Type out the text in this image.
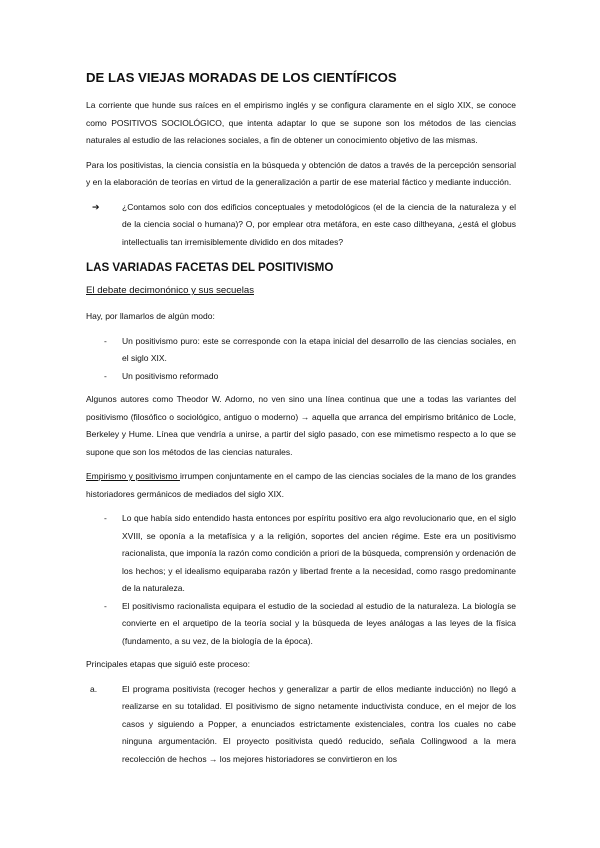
DE LAS VIEJAS MORADAS DE LOS CIENTÍFICOS

La corriente que hunde sus raíces en el empirismo inglés y se configura claramente en el siglo XIX, se conoce como POSITIVOS SOCIOLÓGICO, que intenta adaptar lo que se supone son los métodos de las ciencias naturales al estudio de las relaciones sociales, a fin de obtener un conocimiento objetivo de las mismas.

Para los positivistas, la ciencia consistía en la búsqueda y obtención de datos a través de la percepción sensorial y en la elaboración de teorías en virtud de la generalización a partir de ese material fáctico y mediante inducción.

➔	¿Contamos solo con dos edificios conceptuales y metodológicos (el de la ciencia de la naturaleza y el de la ciencia social o humana)? O, por emplear otra metáfora, en este caso diltheyana, ¿está el globus intellectualis tan irremisiblemente dividido en dos mitades?
LAS VARIADAS FACETAS DEL POSITIVISMO
El debate decimonónico y sus secuelas

Hay, por llamarlos de algún modo:

-	Un positivismo puro: este se corresponde con la etapa inicial del desarrollo de las ciencias sociales, en el siglo XIX.
-	Un positivismo reformado

Algunos autores como Theodor W. Adorno, no ven sino una línea continua que une a todas las variantes del positivismo (filosófico o sociológico, antiguo o moderno) → aquella que arranca del empirismo británico de Locle, Berkeley y Hume. Línea que vendría a unirse, a partir del siglo pasado, con ese mimetismo respecto a lo que se supone que son los métodos de las ciencias naturales.

Empirismo y positivismo irrumpen conjuntamente en el campo de las ciencias sociales de la mano de los grandes historiadores germánicos de mediados del siglo XIX.

-	Lo que había sido entendido hasta entonces por espíritu positivo era algo revolucionario que, en el siglo XVIII, se oponía a la metafísica y a la religión, soportes del ancien régime. Este era un positivismo racionalista, que imponía la razón como condición a priori de la búsqueda, comprensión y ordenación de los hechos; y el idealismo equiparaba razón y libertad frente a la necesidad, como rasgo predominante de la naturaleza.
-	El positivismo racionalista equipara el estudio de la sociedad al estudio de la naturaleza. La biología se convierte en el arquetipo de la teoría social y la búsqueda de leyes análogas a las leyes de la física (fundamento, a su vez, de la biología de la época).

Principales etapas que siguió este proceso:

a.	El programa positivista (recoger hechos y generalizar a partir de ellos mediante inducción) no llegó a realizarse en su totalidad. El positivismo de signo netamente inductivista conduce, en el mejor de los casos y siguiendo a Popper, a enunciados estrictamente existenciales, contra los cuales no cabe ninguna argumentación. El proyecto positivista quedó reducido, señala Collingwood a la mera recolección de hechos → los mejores historiadores se convirtieron en los
